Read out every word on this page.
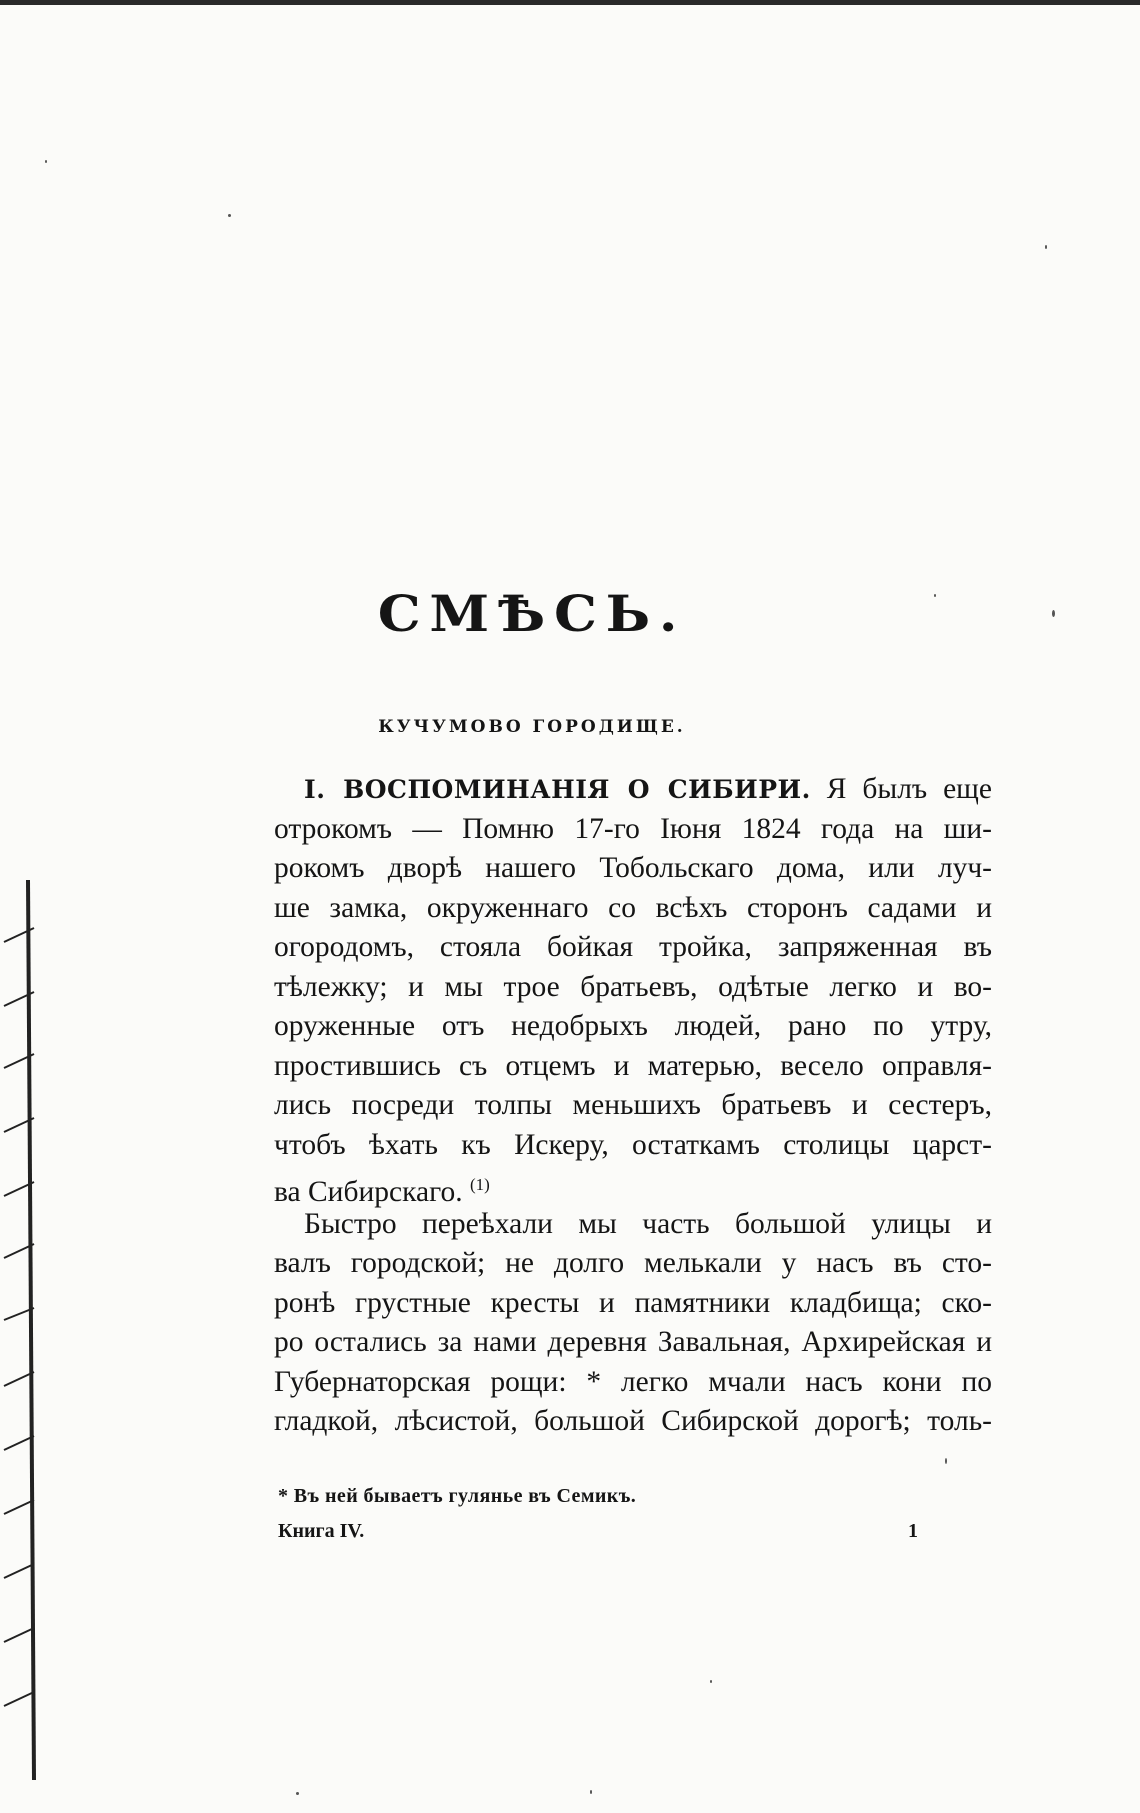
СМѢСЬ.
КУЧУМОВО ГОРОДИЩЕ.
I. ВОСПОМИНАНІЯ О СИБИРИ. Я былъ еще
отрокомъ — Помню 17-го Іюня 1824 года на ши-
рокомъ дворѣ нашего Тобольскаго дома, или луч-
ше замка, окруженнаго со всѣхъ сторонъ садами и
огородомъ, стояла бойкая тройка, запряженная въ
тѣлежку; и мы трое братьевъ, одѣтые легко и во-
оруженные отъ недобрыхъ людей, рано по утру,
простившись съ отцемъ и матерью, весело оправля-
лись посреди толпы меньшихъ братьевъ и сестеръ,
чтобъ ѣхать къ Искеру, остаткамъ столицы царст-
ва Сибирскаго. $^{(1)}$
Быстро переѣхали мы часть большой улицы и
валъ городской; не долго мелькали у насъ въ сто-
ронѣ грустные кресты и памятники кладбища; ско-
ро остались за нами деревня Завальная, Архирейская и
Губернаторская рощи: * легко мчали насъ кони по
гладкой, лѣсистой, большой Сибирской дорогѣ; толь-
* Въ ней бываетъ гулянье въ Семикъ.
Книга IV.	1
